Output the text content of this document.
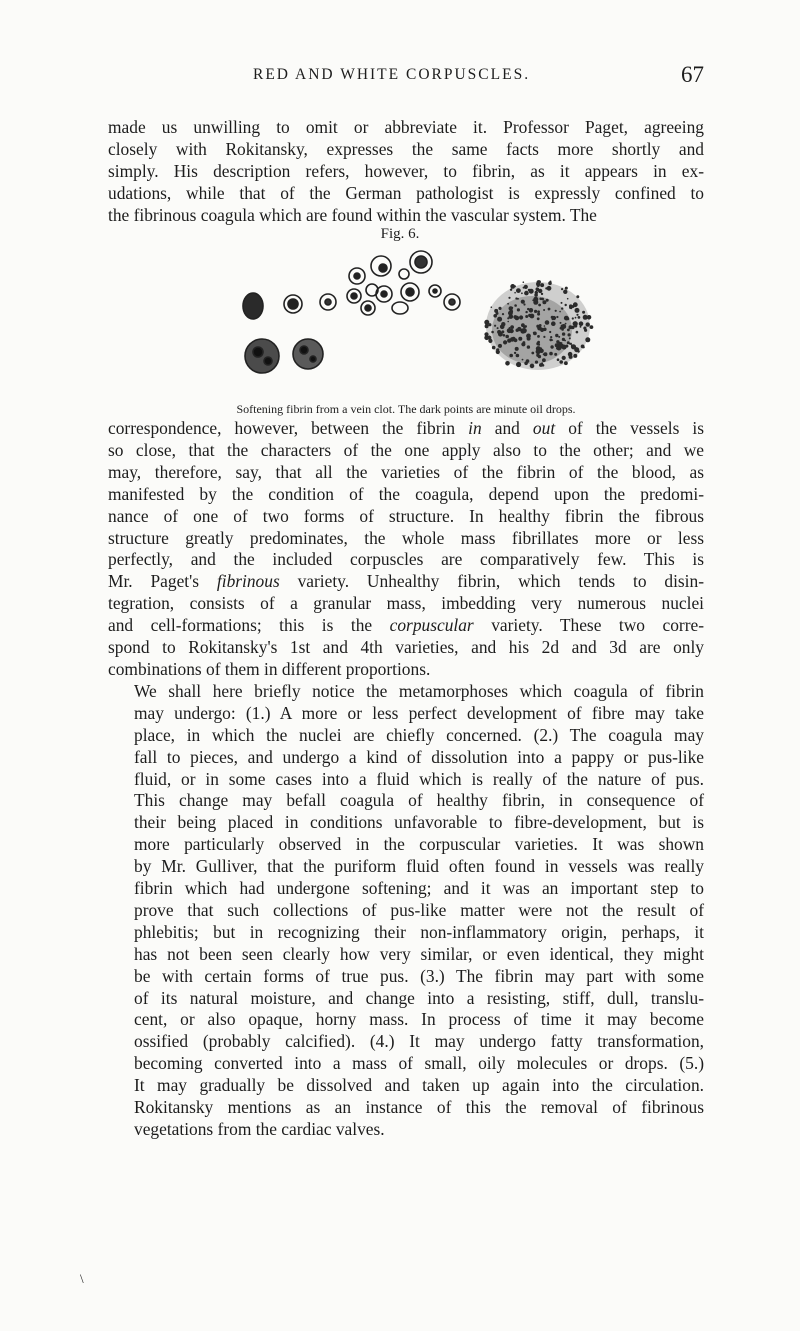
RED AND WHITE CORPUSCLES.	67

made us unwilling to omit or abbreviate it. Professor Paget, agreeing
closely with Rokitansky, expresses the same facts more shortly and
simply. His description refers, however, to fibrin, as it appears in ex-
udations, while that of the German pathologist is expressly confined to
the fibrinous coagula which are found within the vascular system. The

Fig. 6.
Softening fibrin from a vein clot. The dark points are minute oil drops.

correspondence, however, between the fibrin in and out of the vessels is
so close, that the characters of the one apply also to the other; and we
may, therefore, say, that all the varieties of the fibrin of the blood, as
manifested by the condition of the coagula, depend upon the predomi-
nance of one of two forms of structure. In healthy fibrin the fibrous
structure greatly predominates, the whole mass fibrillates more or less
perfectly, and the included corpuscles are comparatively few. This is
Mr. Paget's fibrinous variety. Unhealthy fibrin, which tends to disin-
tegration, consists of a granular mass, imbedding very numerous nuclei
and cell-formations; this is the corpuscular variety. These two corre-
spond to Rokitansky's 1st and 4th varieties, and his 2d and 3d are only
combinations of them in different proportions.

We shall here briefly notice the metamorphoses which coagula of fibrin
may undergo: (1.) A more or less perfect development of fibre may take
place, in which the nuclei are chiefly concerned. (2.) The coagula may
fall to pieces, and undergo a kind of dissolution into a pappy or pus-like
fluid, or in some cases into a fluid which is really of the nature of pus.
This change may befall coagula of healthy fibrin, in consequence of
their being placed in conditions unfavorable to fibre-development, but is
more particularly observed in the corpuscular varieties. It was shown
by Mr. Gulliver, that the puriform fluid often found in vessels was really
fibrin which had undergone softening; and it was an important step to
prove that such collections of pus-like matter were not the result of
phlebitis; but in recognizing their non-inflammatory origin, perhaps, it
has not been seen clearly how very similar, or even identical, they might
be with certain forms of true pus. (3.) The fibrin may part with some
of its natural moisture, and change into a resisting, stiff, dull, translu-
cent, or also opaque, horny mass. In process of time it may become
ossified (probably calcified). (4.) It may undergo fatty transformation,
becoming converted into a mass of small, oily molecules or drops. (5.)
It may gradually be dissolved and taken up again into the circulation.
Rokitansky mentions as an instance of this the removal of fibrinous
vegetations from the cardiac valves.

\
